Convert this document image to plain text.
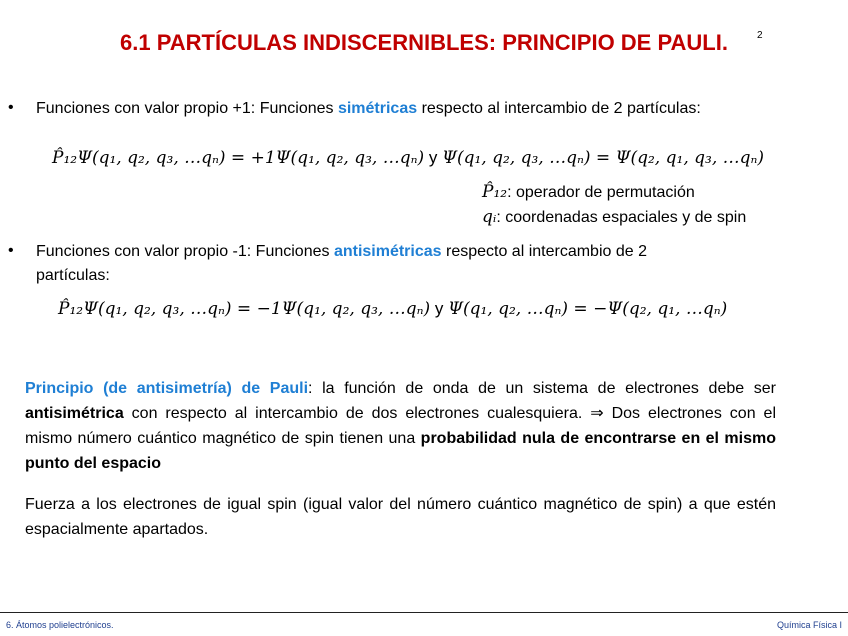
6.1 PARTÍCULAS INDISCERNIBLES: PRINCIPIO DE PAULI.	2
• Funciones con valor propio +1: Funciones simétricas respecto al intercambio de 2 partículas:
P̂₁₂Ψ(q₁, q₂, q₃, …qₙ) = +1Ψ(q₁, q₂, q₃, …qₙ) y Ψ(q₁, q₂, q₃, …qₙ) = Ψ(q₂, q₁, q₃, …qₙ)
P̂₁₂: operador de permutación
qᵢ: coordenadas espaciales y de spin
• Funciones con valor propio -1: Funciones antisimétricas respecto al intercambio de 2
partículas:
P̂₁₂Ψ(q₁, q₂, q₃, …qₙ) = −1Ψ(q₁, q₂, q₃, …qₙ) y Ψ(q₁, q₂, …qₙ) = −Ψ(q₂, q₁, …qₙ)
Principio (de antisimetría) de Pauli: la función de onda de un sistema de electrones debe ser antisimétrica con respecto al intercambio de dos electrones cualesquiera. ⇒ Dos electrones con el mismo número cuántico magnético de spin tienen una probabilidad nula de encontrarse en el mismo punto del espacio
Fuerza a los electrones de igual spin (igual valor del número cuántico magnético de spin) a que estén espacialmente apartados.
6. Átomos polielectrónicos.	Química Física I
